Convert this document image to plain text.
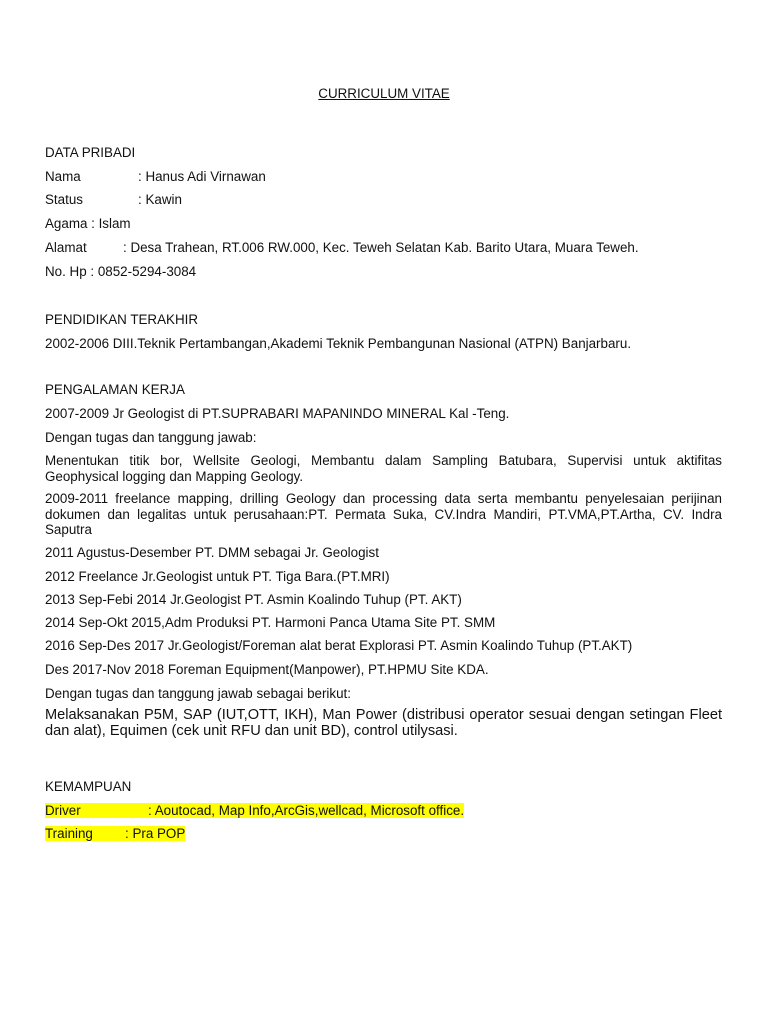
CURRICULUM VITAE

DATA PRIBADI

Nama	: Hanus Adi Virnawan

Status	: Kawin

Agama : Islam

Alamat	: Desa Trahean, RT.006 RW.000, Kec. Teweh Selatan Kab. Barito Utara, Muara Teweh.

No. Hp : 0852-5294-3084

PENDIDIKAN TERAKHIR

2002-2006 DIII.Teknik Pertambangan,Akademi Teknik Pembangunan Nasional (ATPN) Banjarbaru.

PENGALAMAN KERJA

2007-2009 Jr Geologist di PT.SUPRABARI MAPANINDO MINERAL Kal -Teng.

Dengan tugas dan tanggung jawab:

Menentukan titik bor, Wellsite Geologi, Membantu dalam Sampling Batubara, Supervisi untuk aktifitas Geophysical logging dan Mapping Geology.

2009-2011 freelance mapping, drilling Geology dan processing data serta membantu penyelesaian perijinan dokumen dan legalitas untuk perusahaan:PT. Permata Suka, CV.Indra Mandiri, PT.VMA,PT.Artha, CV. Indra Saputra

2011 Agustus-Desember PT. DMM sebagai Jr. Geologist

2012 Freelance Jr.Geologist untuk PT. Tiga Bara.(PT.MRI)

2013 Sep-Febi 2014 Jr.Geologist PT. Asmin Koalindo Tuhup (PT. AKT)

2014 Sep-Okt 2015,Adm Produksi PT. Harmoni Panca Utama Site PT. SMM

2016 Sep-Des 2017 Jr.Geologist/Foreman alat berat Explorasi PT. Asmin Koalindo Tuhup (PT.AKT)

Des 2017-Nov 2018 Foreman Equipment(Manpower), PT.HPMU Site KDA.

Dengan tugas dan tanggung jawab sebagai berikut:

Melaksanakan P5M, SAP (IUT,OTT, IKH), Man Power (distribusi operator sesuai dengan setingan Fleet dan alat), Equimen (cek unit RFU dan unit BD), control utilysasi.

KEMAMPUAN

Driver	: Aoutocad, Map Info,ArcGis,wellcad, Microsoft office.

Training : Pra POP
